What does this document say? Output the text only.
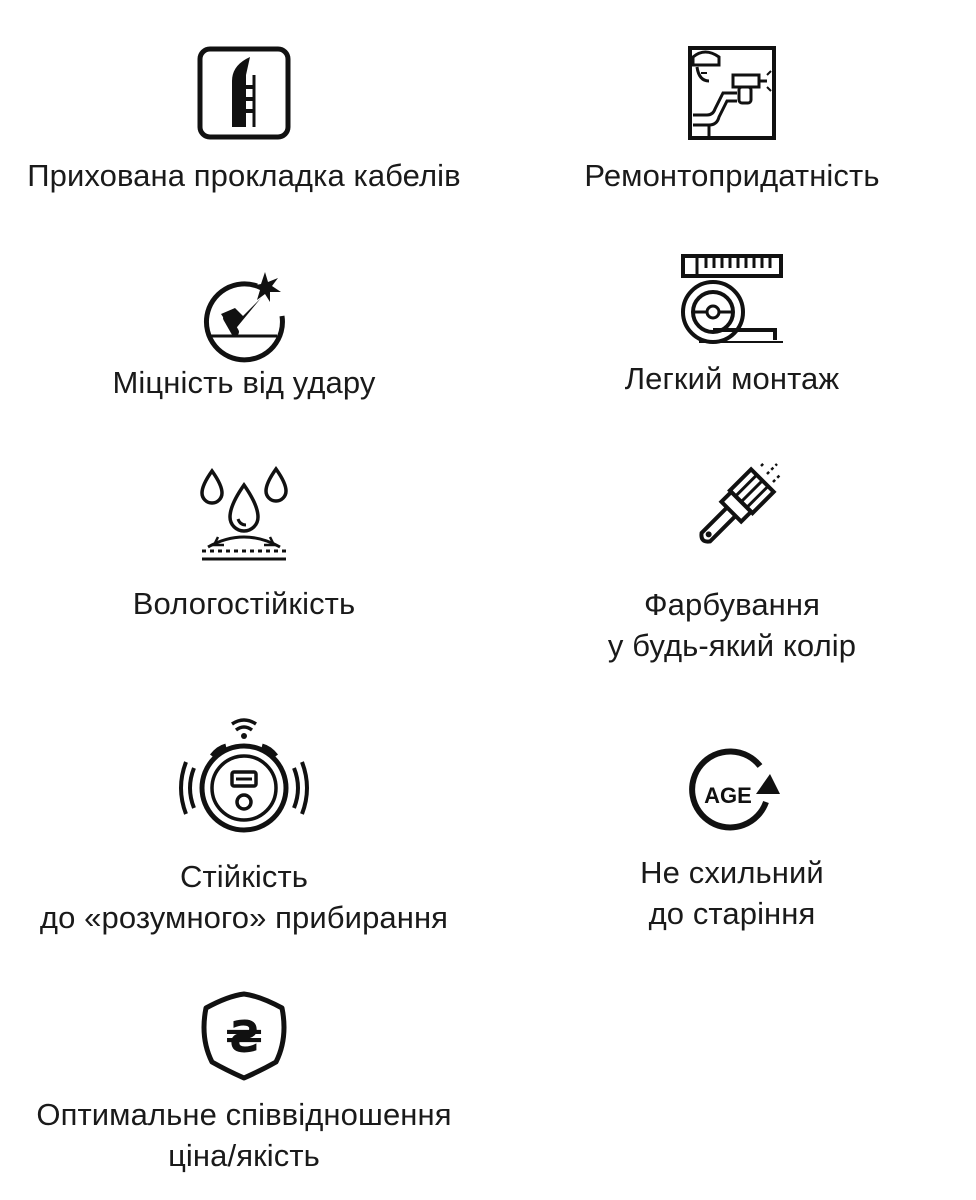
Прихована прокладка кабелів	Ремонтопридатність
Міцність від удару	Легкий монтаж
Вологостійкість	Фарбування
у будь-який колір
Стійкість
до «розумного» прибирання
AGE
Не схильний
до старіння
₴
Оптимальне співвідношення
ціна/якість
